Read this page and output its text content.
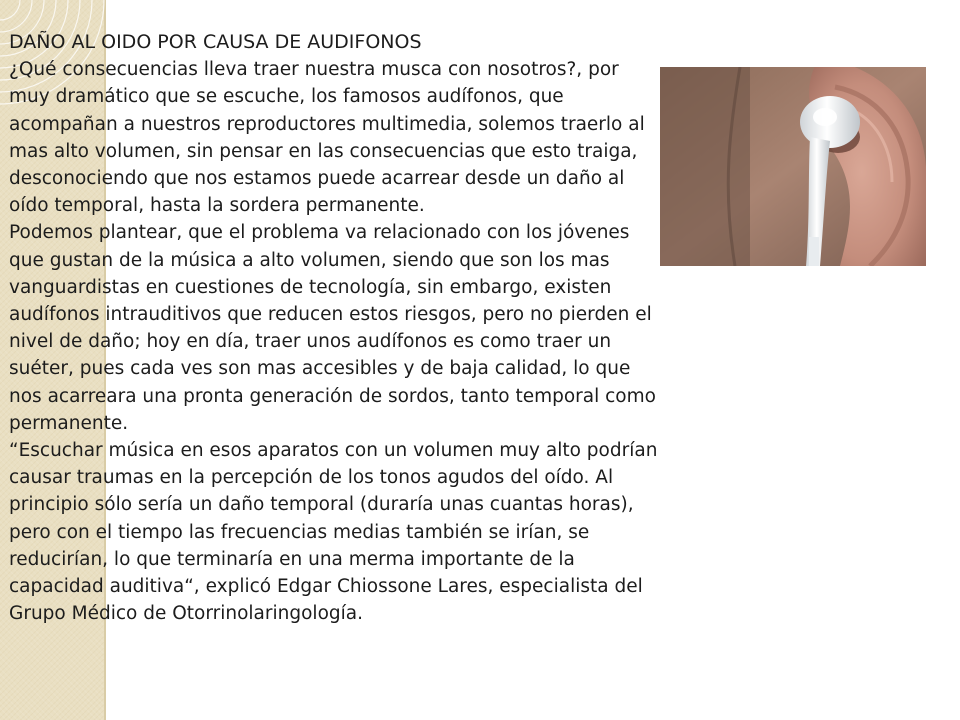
DAÑO AL OIDO POR CAUSA DE AUDIFONOS

¿Qué consecuencias lleva traer nuestra musca con nosotros?, por muy dramático que se escuche, los famosos audífonos, que acompañan a nuestros reproductores multimedia, solemos traerlo al mas alto volumen, sin pensar en las consecuencias que esto traiga, desconociendo que nos estamos puede acarrear desde un daño al oído temporal, hasta la sordera permanente.

Podemos plantear, que el problema va relacionado con los jóvenes que gustan de la música a alto volumen, siendo que son los mas vanguardistas en cuestiones de tecnología, sin embargo, existen audífonos intrauditivos que reducen estos riesgos, pero no pierden el nivel de daño; hoy en día, traer unos audífonos es como traer un suéter, pues cada ves son mas accesibles y de baja calidad, lo que nos acarreara una pronta generación de sordos, tanto temporal como permanente.

“Escuchar música en esos aparatos con un volumen muy alto podrían causar traumas en la percepción de los tonos agudos del oído. Al principio sólo sería un daño temporal (duraría unas cuantas horas), pero con el tiempo las frecuencias medias también se irían, se reducirían, lo que terminaría en una merma importante de la capacidad auditiva“, explicó Edgar Chiossone Lares, especialista del Grupo Médico de Otorrinolaringología.
